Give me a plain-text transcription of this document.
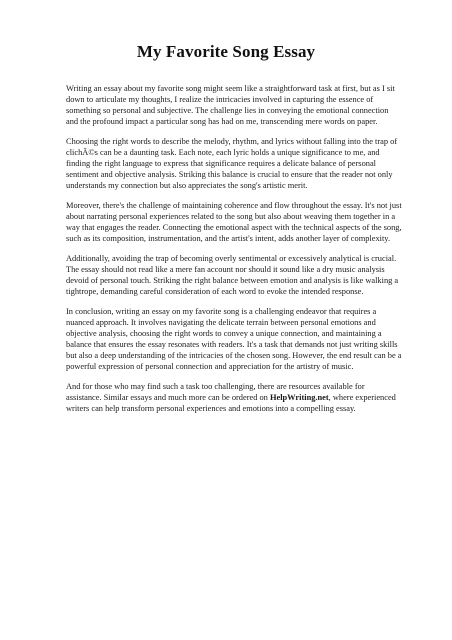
My Favorite Song Essay

Writing an essay about my favorite song might seem like a straightforward task at first, but as I sit down to articulate my thoughts, I realize the intricacies involved in capturing the essence of something so personal and subjective. The challenge lies in conveying the emotional connection and the profound impact a particular song has had on me, transcending mere words on paper.

Choosing the right words to describe the melody, rhythm, and lyrics without falling into the trap of clichÃ©s can be a daunting task. Each note, each lyric holds a unique significance to me, and finding the right language to express that significance requires a delicate balance of personal sentiment and objective analysis. Striking this balance is crucial to ensure that the reader not only understands my connection but also appreciates the song's artistic merit.

Moreover, there's the challenge of maintaining coherence and flow throughout the essay. It's not just about narrating personal experiences related to the song but also about weaving them together in a way that engages the reader. Connecting the emotional aspect with the technical aspects of the song, such as its composition, instrumentation, and the artist's intent, adds another layer of complexity.

Additionally, avoiding the trap of becoming overly sentimental or excessively analytical is crucial. The essay should not read like a mere fan account nor should it sound like a dry music analysis devoid of personal touch. Striking the right balance between emotion and analysis is like walking a tightrope, demanding careful consideration of each word to evoke the intended response.

In conclusion, writing an essay on my favorite song is a challenging endeavor that requires a nuanced approach. It involves navigating the delicate terrain between personal emotions and objective analysis, choosing the right words to convey a unique connection, and maintaining a balance that ensures the essay resonates with readers. It's a task that demands not just writing skills but also a deep understanding of the intricacies of the chosen song. However, the end result can be a powerful expression of personal connection and appreciation for the artistry of music.

And for those who may find such a task too challenging, there are resources available for assistance. Similar essays and much more can be ordered on HelpWriting.net, where experienced writers can help transform personal experiences and emotions into a compelling essay.
